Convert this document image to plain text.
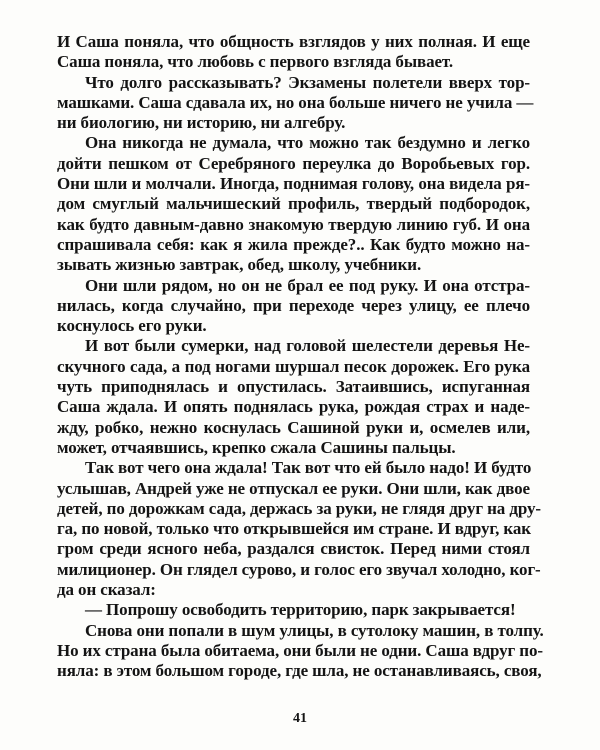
И Саша поняла, что общность взглядов у них полная. И еще
Саша поняла, что любовь с первого взгляда бывает.
Что долго рассказывать? Экзамены полетели вверх тор-
машками. Саша сдавала их, но она больше ничего не учила —
ни биологию, ни историю, ни алгебру.
Она никогда не думала, что можно так бездумно и легко
дойти пешком от Серебряного переулка до Воробьевых гор.
Они шли и молчали. Иногда, поднимая голову, она видела ря-
дом смуглый мальчишеский профиль, твердый подбородок,
как будто давным-давно знакомую твердую линию губ. И она
спрашивала себя: как я жила прежде?.. Как будто можно на-
зывать жизнью завтрак, обед, школу, учебники.
Они шли рядом, но он не брал ее под руку. И она отстра-
нилась, когда случайно, при переходе через улицу, ее плечо
коснулось его руки.
И вот были сумерки, над головой шелестели деревья Не-
скучного сада, а под ногами шуршал песок дорожек. Его рука
чуть приподнялась и опустилась. Затаившись, испуганная
Саша ждала. И опять поднялась рука, рождая страх и наде-
жду, робко, нежно коснулась Сашиной руки и, осмелев или,
может, отчаявшись, крепко сжала Сашины пальцы.
Так вот чего она ждала! Так вот что ей было надо! И будто
услышав, Андрей уже не отпускал ее руки. Они шли, как двое
детей, по дорожкам сада, держась за руки, не глядя друг на дру-
га, по новой, только что открывшейся им стране. И вдруг, как
гром среди ясного неба, раздался свисток. Перед ними стоял
милиционер. Он глядел сурово, и голос его звучал холодно, ког-
да он сказал:
— Попрошу освободить территорию, парк закрывается!
Снова они попали в шум улицы, в сутолоку машин, в толпу.
Но их страна была обитаема, они были не одни. Саша вдруг по-
няла: в этом большом городе, где шла, не останавливаясь, своя,
41
